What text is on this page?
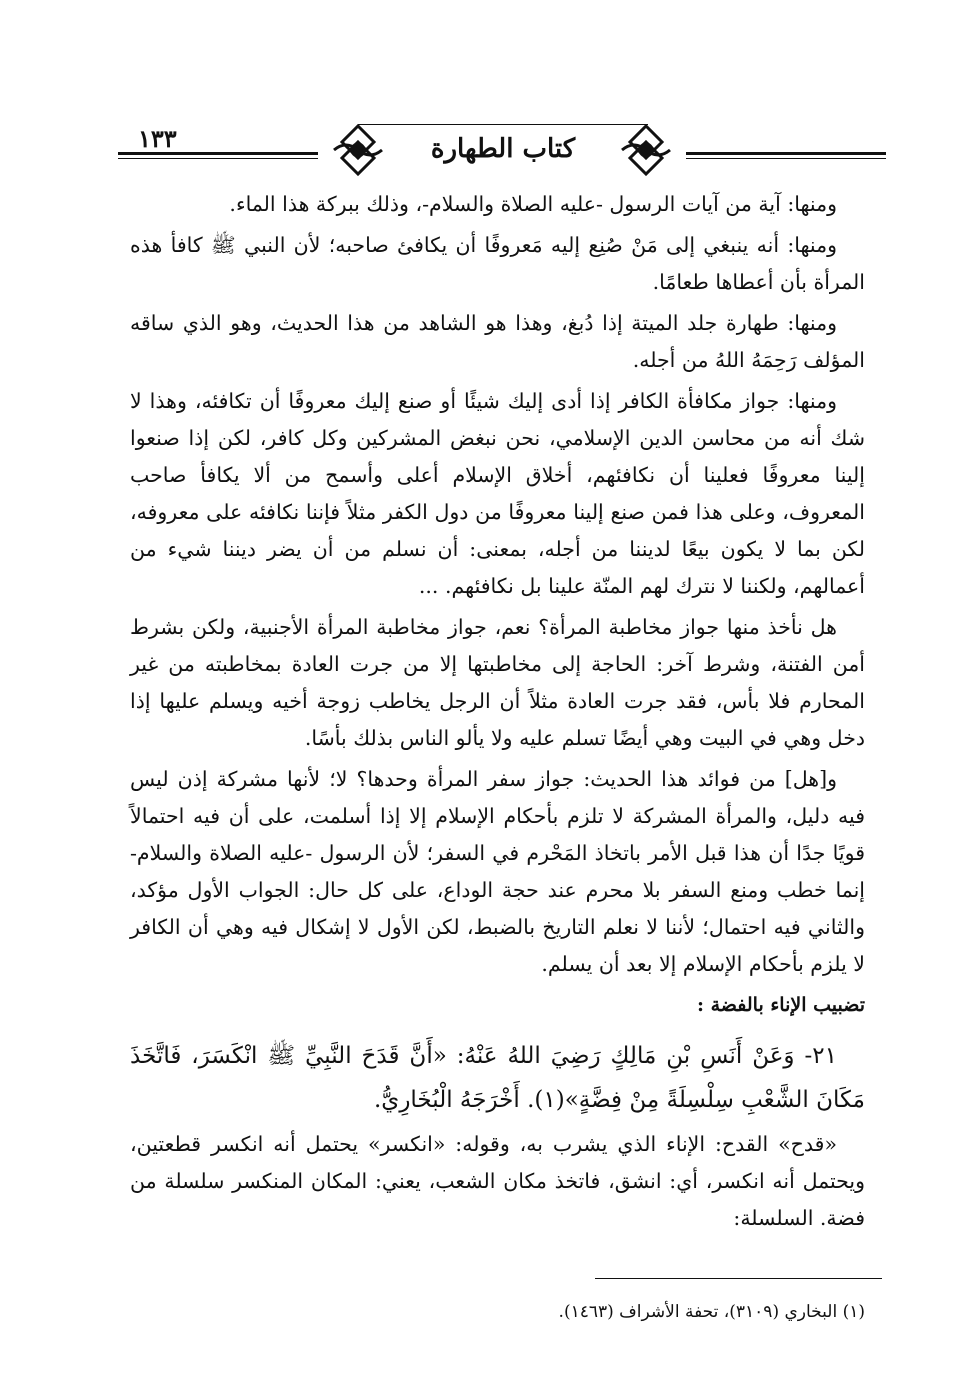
١٣٣	كتاب الطهارة

ومنها: آية من آيات الرسول -عليه الصلاة والسلام-، وذلك ببركة هذا الماء.

ومنها: أنه ينبغي إلى مَنْ صُنِع إليه مَعروفًا أن يكافئ صاحبه؛ لأن النبي ﷺ كافأ هذه المرأة بأن أعطاها طعامًا.

ومنها: طهارة جلد الميتة إذا دُبغ، وهذا هو الشاهد من هذا الحديث، وهو الذي ساقه المؤلف رَحِمَهُ اللهُ من أجله.

ومنها: جواز مكافأة الكافر إذا أدى إليك شيئًا أو صنع إليك معروفًا أن تكافئه، وهذا لا شك أنه من محاسن الدين الإسلامي، نحن نبغض المشركين وكل كافر، لكن إذا صنعوا إلينا معروفًا فعلينا أن نكافئهم، أخلاق الإسلام أعلى وأسمح من ألا يكافأ صاحب المعروف، وعلى هذا فمن صنع إلينا معروفًا من دول الكفر مثلاً فإننا نكافئه على معروفه، لكن بما لا يكون بيعًا لديننا من أجله، بمعنى: أن نسلم من أن يضر ديننا شيء من أعمالهم، ولكننا لا نترك لهم المنّة علينا بل نكافئهم. ...

هل نأخذ منها جواز مخاطبة المرأة؟ نعم، جواز مخاطبة المرأة الأجنبية، ولكن بشرط أمن الفتنة، وشرط آخر: الحاجة إلى مخاطبتها إلا من جرت العادة بمخاطبته من غير المحارم فلا بأس، فقد جرت العادة مثلاً أن الرجل يخاطب زوجة أخيه ويسلم عليها إذا دخل وهي في البيت وهي أيضًا تسلم عليه ولا يألو الناس بذلك بأسًا.

و[هل] من فوائد هذا الحديث: جواز سفر المرأة وحدها؟ لا؛ لأنها مشركة إذن ليس فيه دليل، والمرأة المشركة لا تلزم بأحكام الإسلام إلا إذا أسلمت، على أن فيه احتمالاً قويًا جدًا أن هذا قبل الأمر باتخاذ المَحْرم في السفر؛ لأن الرسول -عليه الصلاة والسلام- إنما خطب ومنع السفر بلا محرم عند حجة الوداع، على كل حال: الجواب الأول مؤكد، والثاني فيه احتمال؛ لأننا لا نعلم التاريخ بالضبط، لكن الأول لا إشكال فيه وهي أن الكافر لا يلزم بأحكام الإسلام إلا بعد أن يسلم.

تضبيب الإناء بالفضة :

٢١- وَعَنْ أَنَسِ بْنِ مَالِكٍ رَضِيَ اللهُ عَنْهُ: «أَنَّ قَدَحَ النَّبِيِّ ﷺ انْكَسَرَ، فَاتَّخَذَ مَكَانَ الشَّعْبِ سِلْسِلَةً مِنْ فِضَّةٍ»(١). أَخْرَجَهُ الْبُخَارِيُّ.

«قدح» القدح: الإناء الذي يشرب به، وقوله: «انكسر» يحتمل أنه انكسر قطعتين، ويحتمل أنه انكسر، أي: انشق، فاتخذ مكان الشعب، يعني: المكان المنكسر سلسلة من فضة. السلسلة:

(١) البخاري (٣١٠٩)، تحفة الأشراف (١٤٦٣).
